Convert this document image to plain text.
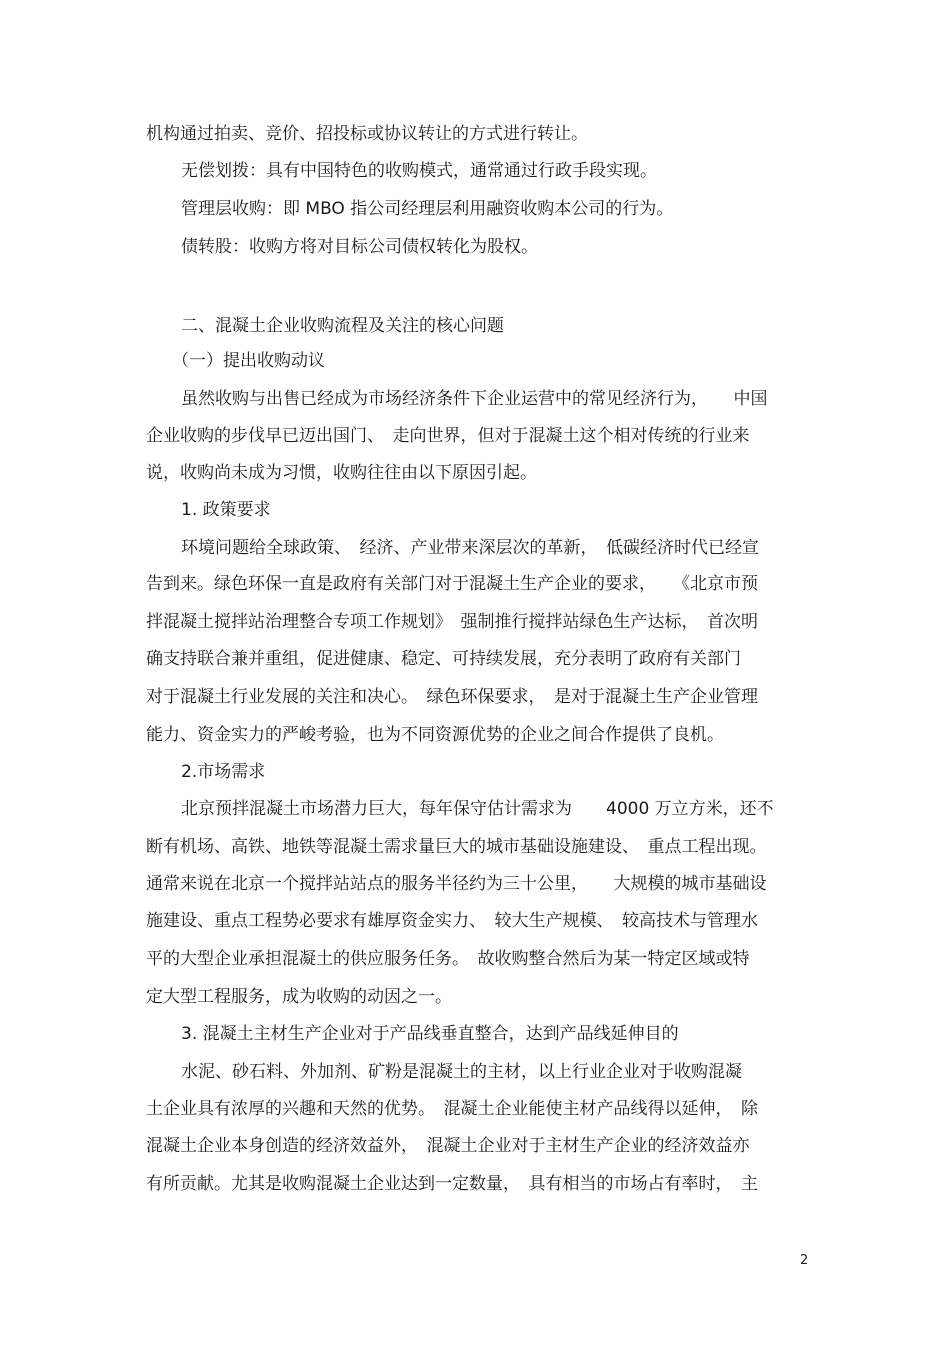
机构通过拍卖、竞价、招投标或协议转让的方式进行转让。
无偿划拨：具有中国特色的收购模式，通常通过行政手段实现。
管理层收购：即 MBO 指公司经理层利用融资收购本公司的行为。
债转股：收购方将对目标公司债权转化为股权。
二、混凝土企业收购流程及关注的核心问题
（一）提出收购动议
虽然收购与出售已经成为市场经济条件下企业运营中的常见经济行为，　　中国
企业收购的步伐早已迈出国门、　走向世界，但对于混凝土这个相对传统的行业来
说，收购尚未成为习惯，收购往往由以下原因引起。
1. 政策要求
环境问题给全球政策、　经济、产业带来深层次的革新，　低碳经济时代已经宣
告到来。绿色环保一直是政府有关部门对于混凝土生产企业的要求，　　《北京市预
拌混凝土搅拌站治理整合专项工作规划》　强制推行搅拌站绿色生产达标，　首次明
确支持联合兼并重组，促进健康、稳定、可持续发展，充分表明了政府有关部门
对于混凝土行业发展的关注和决心。　绿色环保要求，　是对于混凝土生产企业管理
能力、资金实力的严峻考验，也为不同资源优势的企业之间合作提供了良机。
2.市场需求
北京预拌混凝土市场潜力巨大，每年保守估计需求为　　4000 万立方米，还不
断有机场、高铁、地铁等混凝土需求量巨大的城市基础设施建设、　重点工程出现。
通常来说在北京一个搅拌站站点的服务半径约为三十公里，　　大规模的城市基础设
施建设、重点工程势必要求有雄厚资金实力、　较大生产规模、　较高技术与管理水
平的大型企业承担混凝土的供应服务任务。　故收购整合然后为某一特定区域或特
定大型工程服务，成为收购的动因之一。
3. 混凝土主材生产企业对于产品线垂直整合，达到产品线延伸目的
水泥、砂石料、外加剂、矿粉是混凝土的主材，以上行业企业对于收购混凝
土企业具有浓厚的兴趣和天然的优势。　混凝土企业能使主材产品线得以延伸，　除
混凝土企业本身创造的经济效益外，　混凝土企业对于主材生产企业的经济效益亦
有所贡献。尤其是收购混凝土企业达到一定数量，　具有相当的市场占有率时，　主
2
